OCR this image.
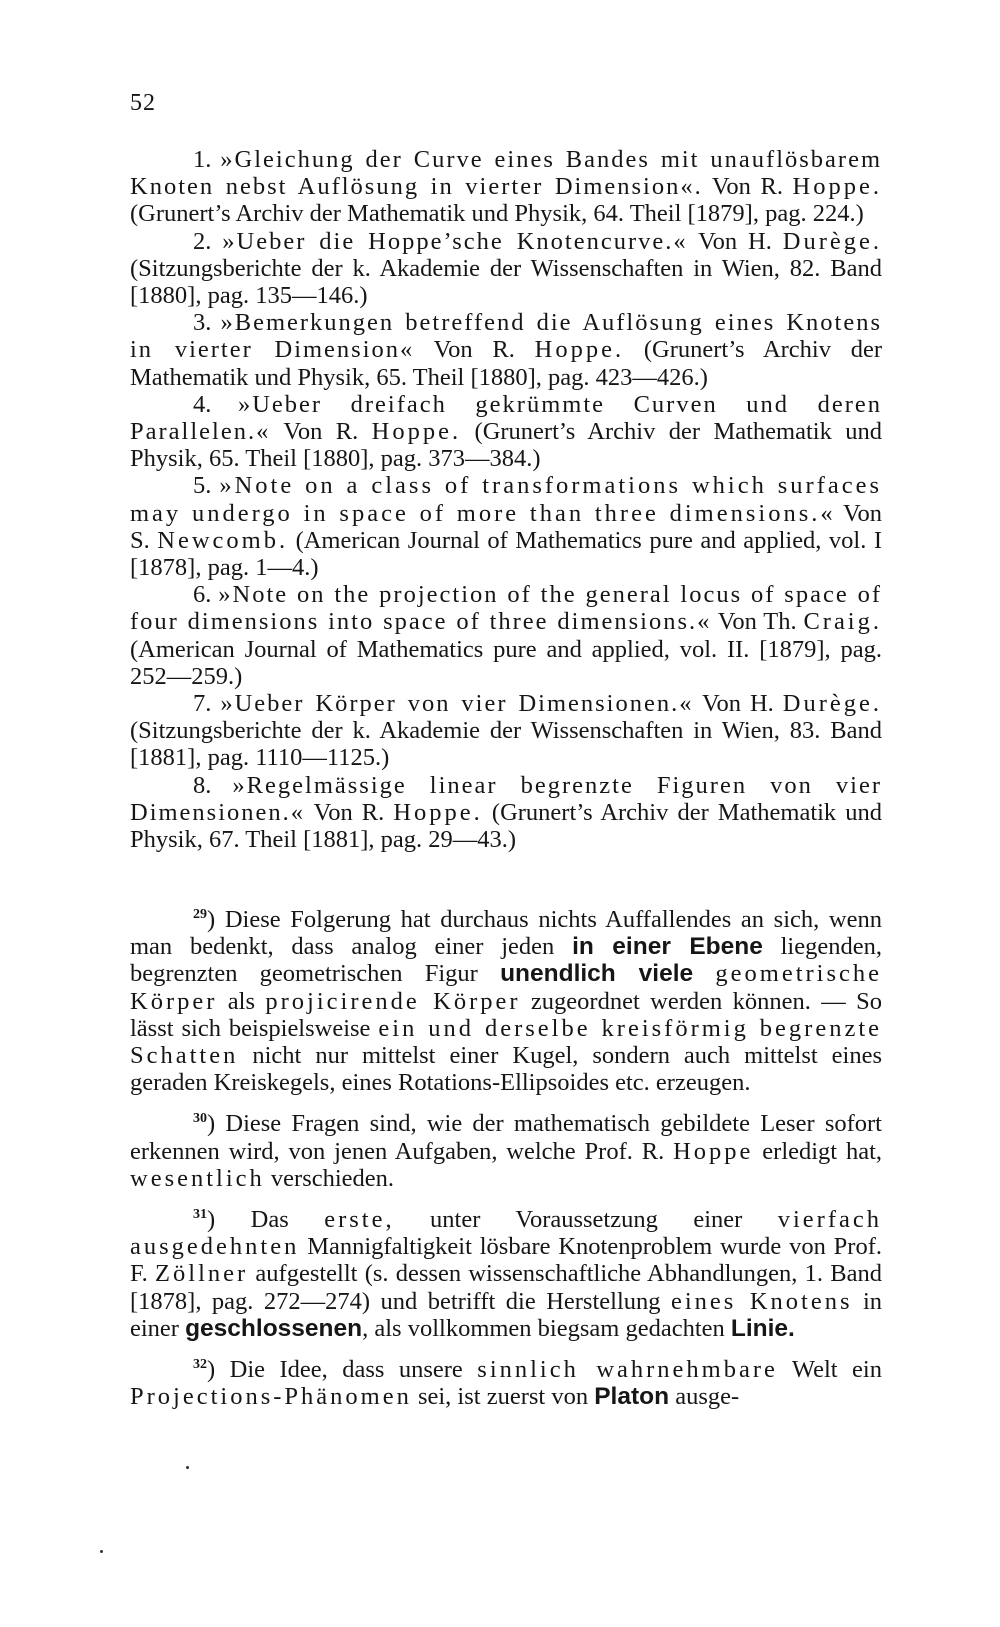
52

1. »Gleichung der Curve eines Bandes mit unauflösbarem Knoten nebst Auflösung in vierter Dimension«. Von R. Hoppe. (Grunert’s Archiv der Mathematik und Physik, 64. Theil [1879], pag. 224.)

2. »Ueber die Hoppe’sche Knotencurve.« Von H. Durège. (Sitzungsberichte der k. Akademie der Wissenschaften in Wien, 82. Band [1880], pag. 135—146.)

3. »Bemerkungen betreffend die Auflösung eines Knotens in vierter Dimension« Von R. Hoppe. (Grunert’s Archiv der Mathematik und Physik, 65. Theil [1880], pag. 423—426.)

4. »Ueber dreifach gekrümmte Curven und deren Parallelen.« Von R. Hoppe. (Grunert’s Archiv der Mathematik und Physik, 65. Theil [1880], pag. 373—384.)

5. »Note on a class of transformations which surfaces may undergo in space of more than three dimensions.« Von S. Newcomb. (American Journal of Mathematics pure and applied, vol. I [1878], pag. 1—4.)

6. »Note on the projection of the general locus of space of four dimensions into space of three dimensions.« Von Th. Craig. (American Journal of Mathematics pure and applied, vol. II. [1879], pag. 252—259.)

7. »Ueber Körper von vier Dimensionen.« Von H. Durège. (Sitzungsberichte der k. Akademie der Wissenschaften in Wien, 83. Band [1881], pag. 1110—1125.)

8. »Regelmässige linear begrenzte Figuren von vier Dimensionen.« Von R. Hoppe. (Grunert’s Archiv der Mathematik und Physik, 67. Theil [1881], pag. 29—43.)

$^{29}$) Diese Folgerung hat durchaus nichts Auffallendes an sich, wenn man bedenkt, dass analog einer jeden in einer Ebene liegenden, begrenzten geometrischen Figur unendlich viele geometrische Körper als projicirende Körper zugeordnet werden können. — So lässt sich beispielsweise ein und derselbe kreisförmig begrenzte Schatten nicht nur mittelst einer Kugel, sondern auch mittelst eines geraden Kreiskegels, eines Rotations-Ellipsoides etc. erzeugen.

$^{30}$) Diese Fragen sind, wie der mathematisch gebildete Leser sofort erkennen wird, von jenen Aufgaben, welche Prof. R. Hoppe erledigt hat, wesentlich verschieden.

$^{31}$) Das erste, unter Voraussetzung einer vierfach ausgedehnten Mannigfaltigkeit lösbare Knotenproblem wurde von Prof. F. Zöllner aufgestellt (s. dessen wissenschaftliche Abhandlungen, 1. Band [1878], pag. 272—274) und betrifft die Herstellung eines Knotens in einer geschlossenen, als vollkommen biegsam gedachten Linie.

$^{32}$) Die Idee, dass unsere sinnlich wahrnehmbare Welt ein Projections-Phänomen sei, ist zuerst von Platon ausge-
